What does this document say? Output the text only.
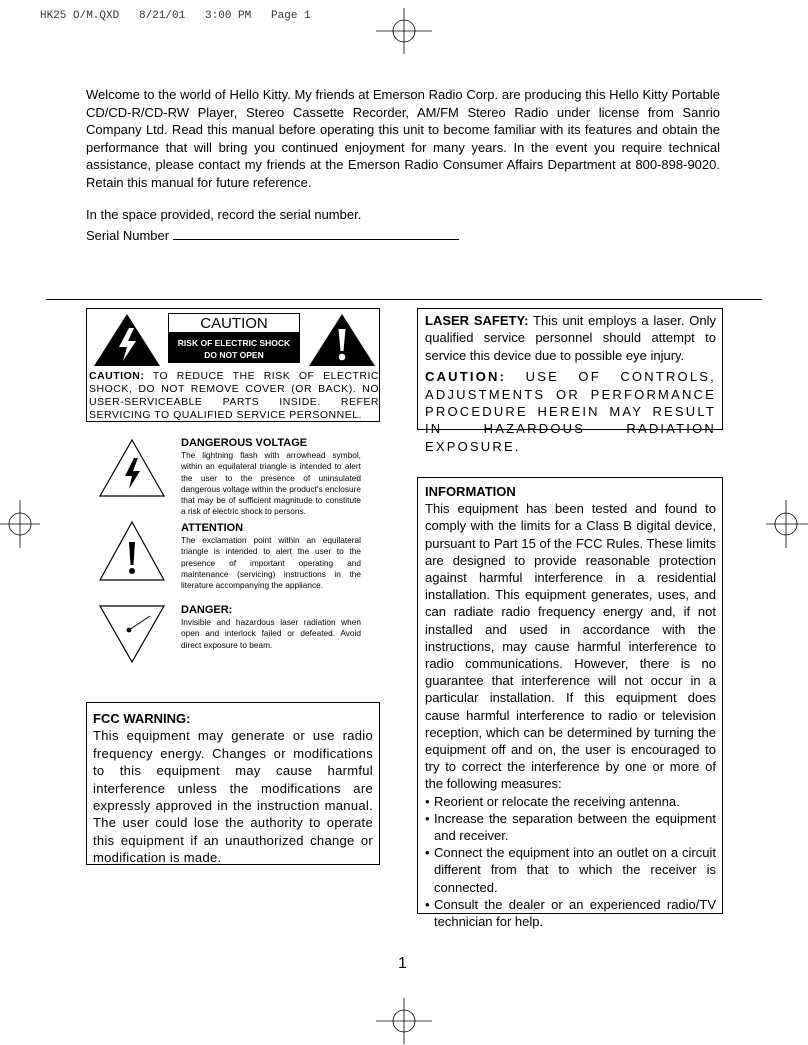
HK25 O/M.QXD   8/21/01   3:00 PM   Page 1

Welcome to the world of Hello Kitty. My friends at Emerson Radio Corp. are producing this Hello Kitty Portable CD/CD-R/CD-RW Player, Stereo Cassette Recorder, AM/FM Stereo Radio under license from Sanrio Company Ltd. Read this manual before operating this unit to become familiar with its features and obtain the performance that will bring you continued enjoyment for many years. In the event you require technical assistance, please contact my friends at the Emerson Radio Consumer Affairs Department at 800-898-9020. Retain this manual for future reference.

In the space provided, record the serial number.

Serial Number
CAUTION
RISK OF ELECTRIC SHOCK
DO NOT OPEN
CAUTION: TO REDUCE THE RISK OF ELECTRIC SHOCK, DO NOT REMOVE COVER (OR BACK). NO USER-SERVICEABLE PARTS INSIDE. REFER SERVICING TO QUALIFIED SERVICE PERSONNEL.
DANGEROUS VOLTAGE
The lightning flash with arrowhead symbol, within an equilateral triangle is intended to alert the user to the presence of uninsulated dangerous voltage within the product's enclosure that may be of sufficient magnitude to constitute a risk of electric shock to persons.
ATTENTION
The exclamation point within an equilateral triangle is intended to alert the user to the presence of important operating and maintenance (servicing) instructions in the literature accompanying the appliance.
DANGER:
Invisible and hazardous laser radiation when open and interlock failed or defeated. Avoid direct exposure to beam.
FCC WARNING:
This equipment may generate or use radio frequency energy. Changes or modifications to this equipment may cause harmful interference unless the modifications are expressly approved in the instruction manual. The user could lose the authority to operate this equipment if an unauthorized change or modification is made.

LASER SAFETY: This unit employs a laser. Only qualified service personnel should attempt to service this device due to possible eye injury.

CAUTION: USE OF CONTROLS, ADJUSTMENTS OR PERFORMANCE PROCEDURE HEREIN MAY RESULT IN HAZARDOUS RADIATION EXPOSURE.

INFORMATION
This equipment has been tested and found to comply with the limits for a Class B digital device, pursuant to Part 15 of the FCC Rules. These limits are designed to provide reasonable protection against harmful interference in a residential installation. This equipment generates, uses, and can radiate radio frequency energy and, if not installed and used in accordance with the instructions, may cause harmful interference to radio communications. However, there is no guarantee that interference will not occur in a particular installation. If this equipment does cause harmful interference to radio or television reception, which can be determined by turning the equipment off and on, the user is encouraged to try to correct the interference by one or more of the following measures:
• Reorient or relocate the receiving antenna.
• Increase the separation between the equipment and receiver.
• Connect the equipment into an outlet on a circuit different from that to which the receiver is connected.
• Consult the dealer or an experienced radio/TV technician for help.
1
